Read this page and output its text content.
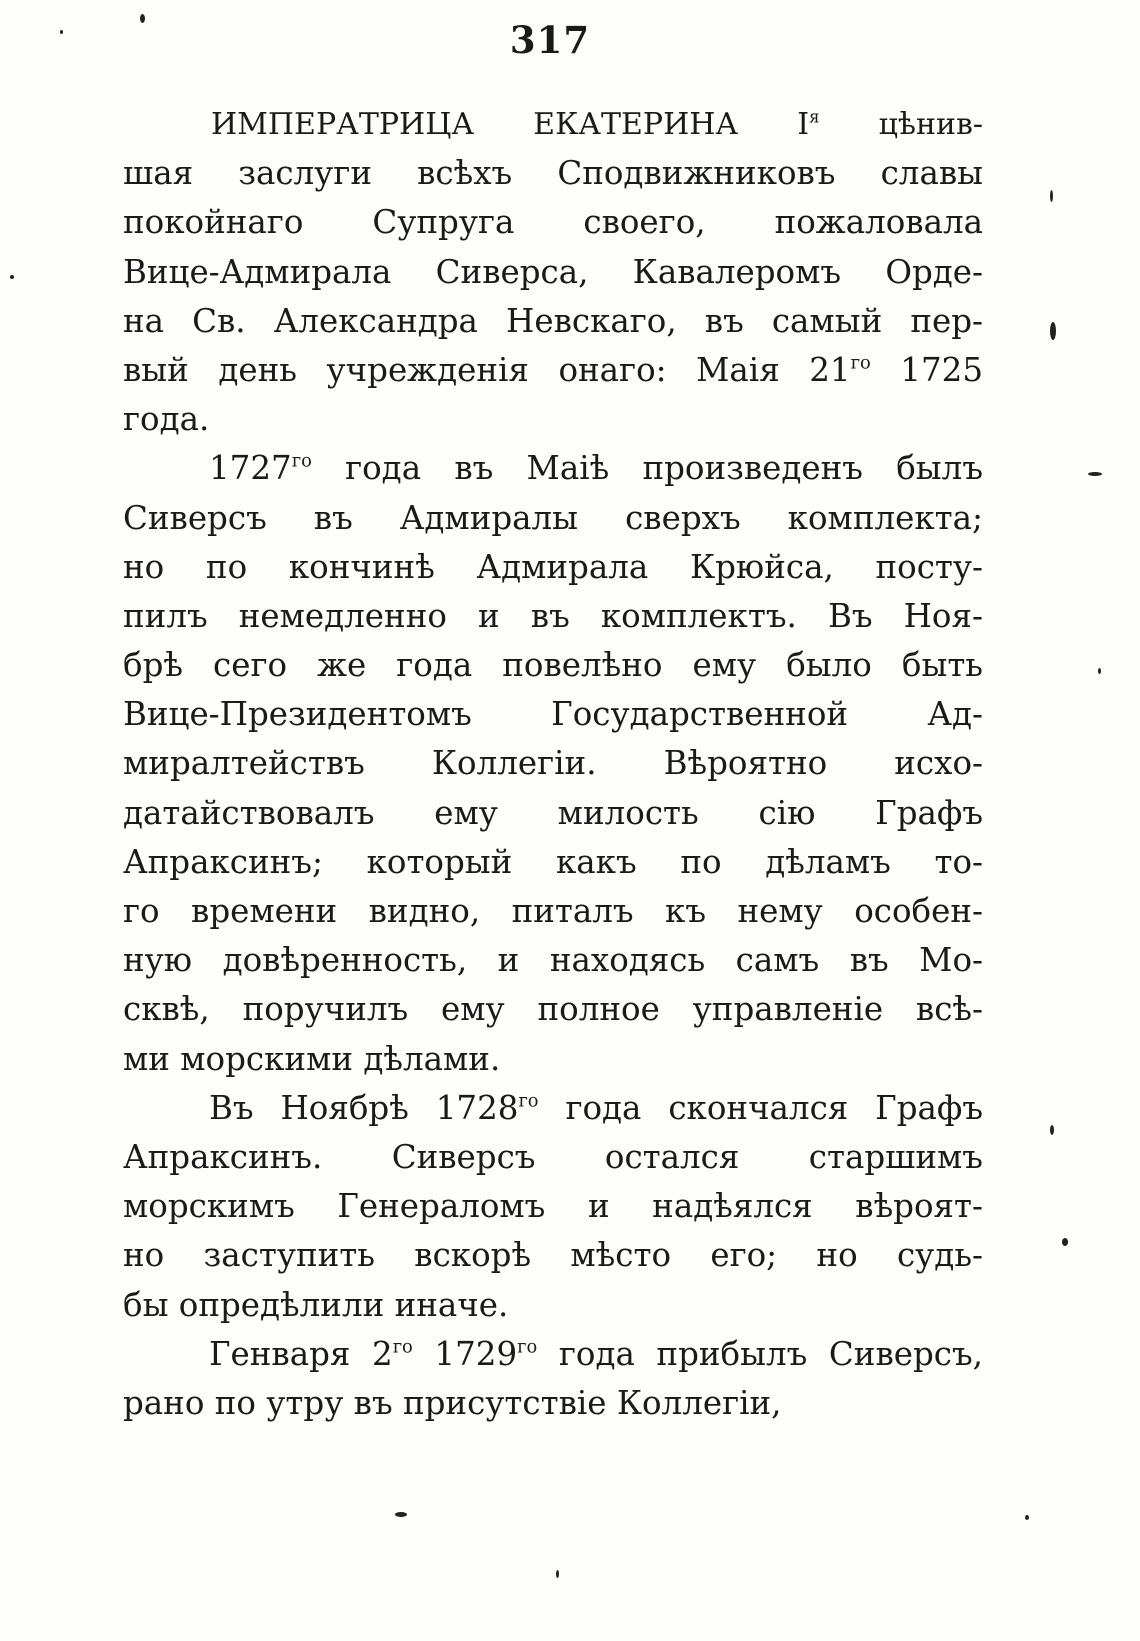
317
ИМПЕРАТРИЦА ЕКАТЕРИНА $I^я$ цѣнив-
шая заслуги всѣхъ Сподвижниковъ славы
покойнаго Супруга своего, пожаловала
Вице-Адмирала Сиверса, Кавалеромъ Орде-
на Св. Александра Невскаго, въ самый пер-
вый день учрежденія онаго: Маія $21^{го}$ 1725
года.
$1727^{го}$ года въ Маіѣ произведенъ былъ
Сиверсъ въ Адмиралы сверхъ комплекта;
но по кончинѣ Адмирала Крюйса, посту-
пилъ немедленно и въ комплектъ. Въ Ноя-
брѣ сего же года повелѣно ему было быть
Вице-Президентомъ Государственной Ад-
миралтействъ Коллегіи. Вѣроятно исхо-
датайствовалъ ему милость сію Графъ
Апраксинъ; который какъ по дѣламъ то-
го времени видно, питалъ къ нему особен-
ную довѣренность, и находясь самъ въ Мо-
сквѣ, поручилъ ему полное управленіе всѣ-
ми морскими дѣлами.
Въ Ноябрѣ $1728^{го}$ года скончался Графъ
Апраксинъ. Сиверсъ остался старшимъ
морскимъ Генераломъ и надѣялся вѣроят-
но заступить вскорѣ мѣсто его; но судь-
бы опредѣлили иначе.
Генваря $2^{го}$ $1729^{го}$ года прибылъ Сиверсъ,
рано по утру въ присутствіе Коллегіи,
